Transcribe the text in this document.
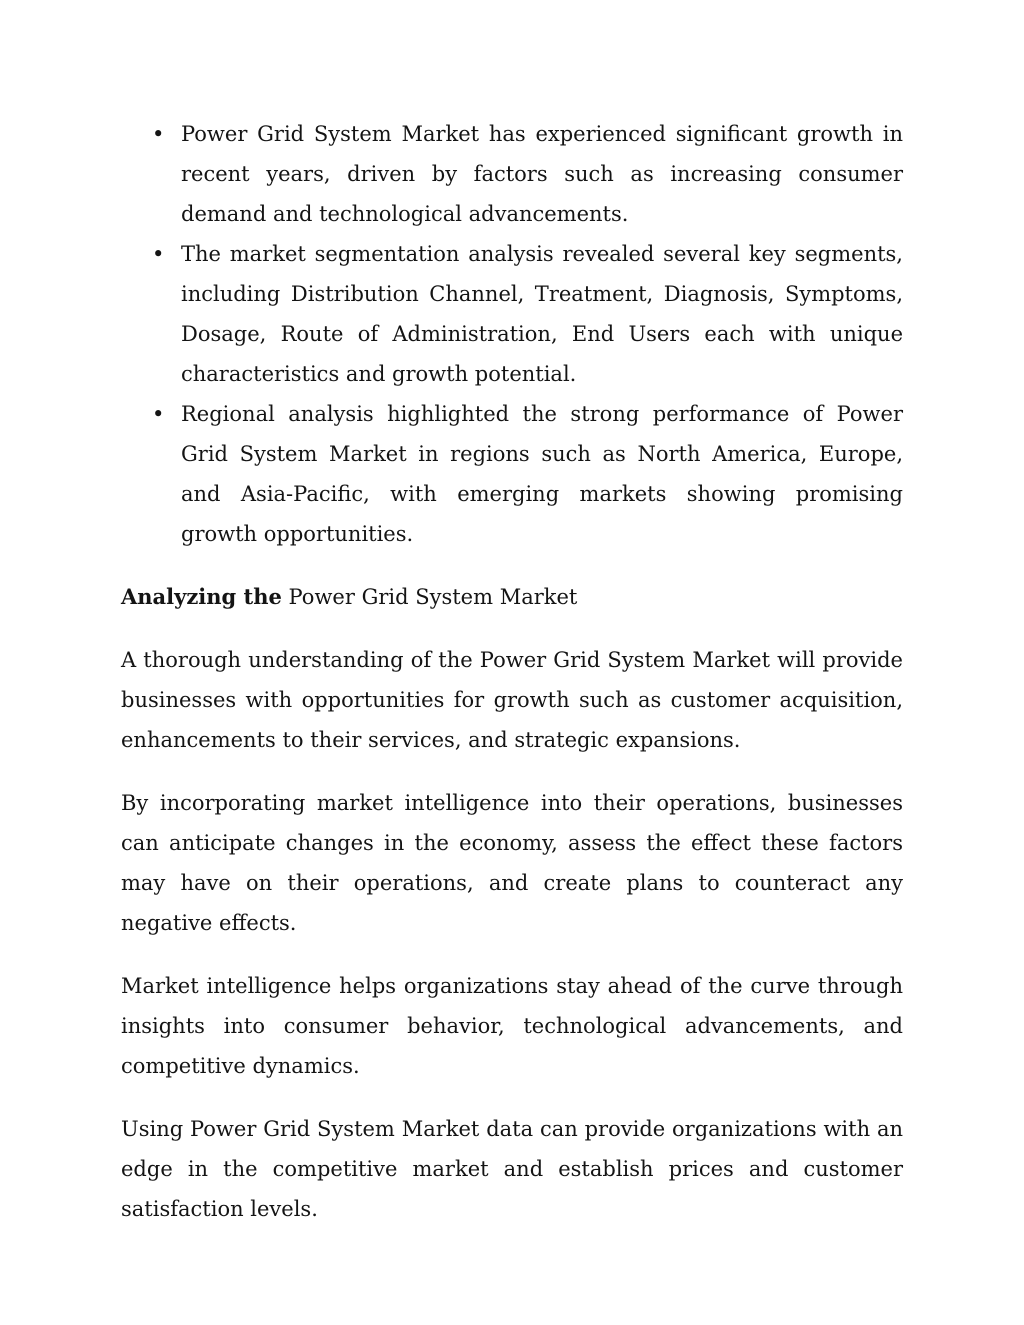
• Power Grid System Market has experienced significant growth in recent years, driven by factors such as increasing consumer demand and technological advancements.
• The market segmentation analysis revealed several key segments, including Distribution Channel, Treatment, Diagnosis, Symptoms, Dosage, Route of Administration, End Users each with unique characteristics and growth potential.
• Regional analysis highlighted the strong performance of Power Grid System Market in regions such as North America, Europe, and Asia-Pacific, with emerging markets showing promising growth opportunities.

Analyzing the Power Grid System Market

A thorough understanding of the Power Grid System Market will provide businesses with opportunities for growth such as customer acquisition, enhancements to their services, and strategic expansions.

By incorporating market intelligence into their operations, businesses can anticipate changes in the economy, assess the effect these factors may have on their operations, and create plans to counteract any negative effects.

Market intelligence helps organizations stay ahead of the curve through insights into consumer behavior, technological advancements, and competitive dynamics.

Using Power Grid System Market data can provide organizations with an edge in the competitive market and establish prices and customer satisfaction levels.
